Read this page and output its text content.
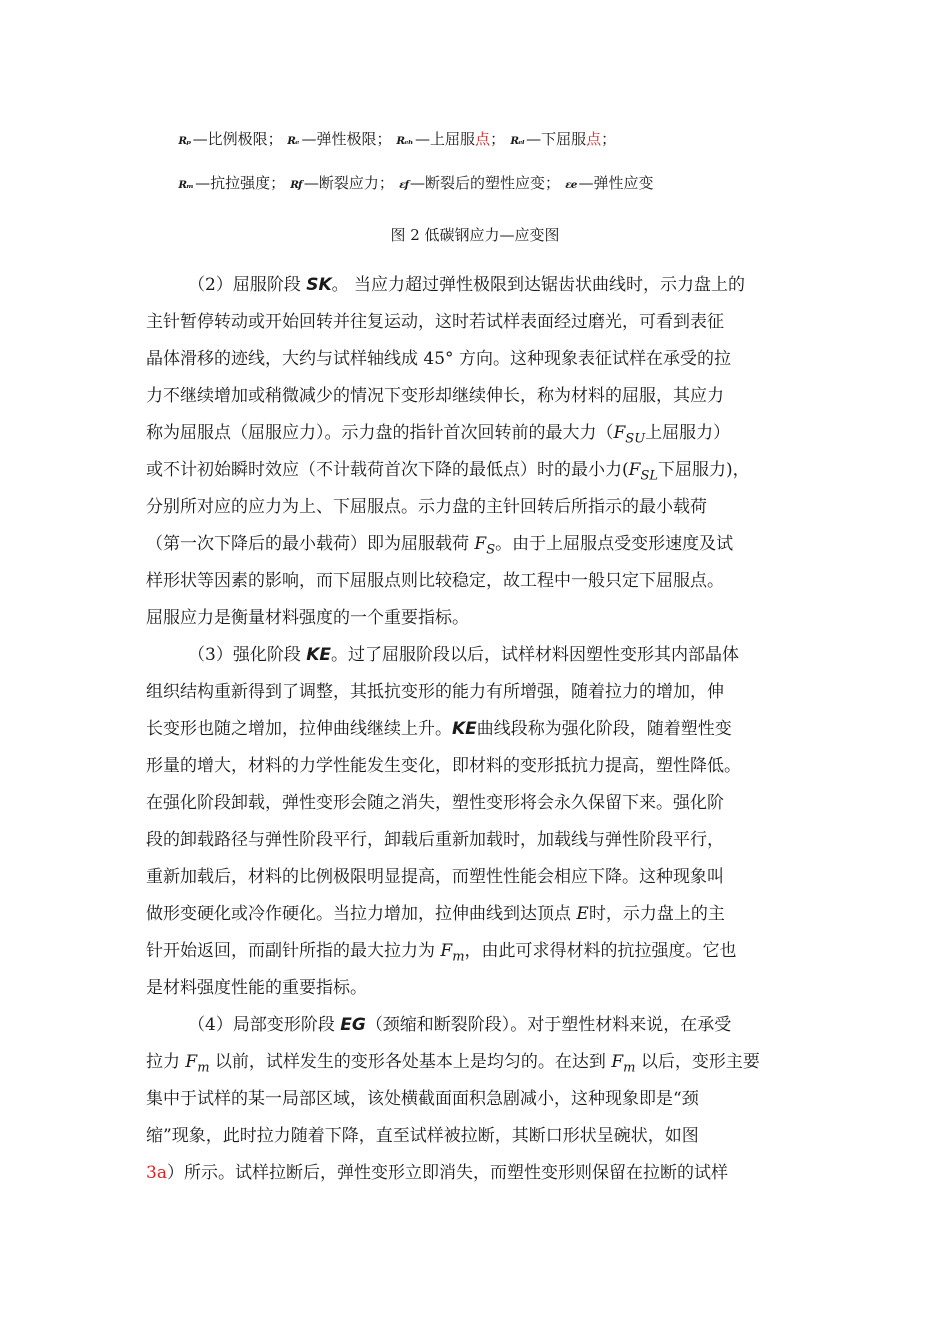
Rₚ —比例极限； Rₑ —弹性极限； Rₑₕ —上屈服点； Rₑₗ —下屈服点；
Rₘ —抗拉强度； Rf —断裂应力； εf —断裂后的塑性应变； εe —弹性应变
图 2 低碳钢应力—应变图
（2）屈服阶段 SK。 当应力超过弹性极限到达锯齿状曲线时，示力盘上的
主针暂停转动或开始回转并往复运动，这时若试样表面经过磨光，可看到表征
晶体滑移的迹线，大约与试样轴线成 45° 方向。这种现象表征试样在承受的拉
力不继续增加或稍微减少的情况下变形却继续伸长，称为材料的屈服，其应力
称为屈服点（屈服应力）。示力盘的指针首次回转前的最大力（$F_{SU}$上屈服力）
或不计初始瞬时效应（不计载荷首次下降的最低点）时的最小力($F_{SL}$下屈服力)，
分别所对应的应力为上、下屈服点。示力盘的主针回转后所指示的最小载荷
（第一次下降后的最小载荷）即为屈服载荷 $F_S$。由于上屈服点受变形速度及试
样形状等因素的影响，而下屈服点则比较稳定，故工程中一般只定下屈服点。
屈服应力是衡量材料强度的一个重要指标。
（3）强化阶段 KE。过了屈服阶段以后，试样材料因塑性变形其内部晶体
组织结构重新得到了调整，其抵抗变形的能力有所增强，随着拉力的增加，伸
长变形也随之增加，拉伸曲线继续上升。KE曲线段称为强化阶段，随着塑性变
形量的增大，材料的力学性能发生变化，即材料的变形抵抗力提高，塑性降低。
在强化阶段卸载，弹性变形会随之消失，塑性变形将会永久保留下来。强化阶
段的卸载路径与弹性阶段平行，卸载后重新加载时，加载线与弹性阶段平行，
重新加载后，材料的比例极限明显提高，而塑性性能会相应下降。这种现象叫
做形变硬化或冷作硬化。当拉力增加，拉伸曲线到达顶点 E时，示力盘上的主
针开始返回，而副针所指的最大拉力为 $F_m$，由此可求得材料的抗拉强度。它也
是材料强度性能的重要指标。
（4）局部变形阶段 EG（颈缩和断裂阶段）。对于塑性材料来说，在承受
拉力 $F_m$ 以前，试样发生的变形各处基本上是均匀的。在达到 $F_m$ 以后，变形主要
集中于试样的某一局部区域，该处横截面面积急剧减小，这种现象即是“颈
缩”现象，此时拉力随着下降，直至试样被拉断，其断口形状呈碗状，如图
3a）所示。试样拉断后，弹性变形立即消失，而塑性变形则保留在拉断的试样
